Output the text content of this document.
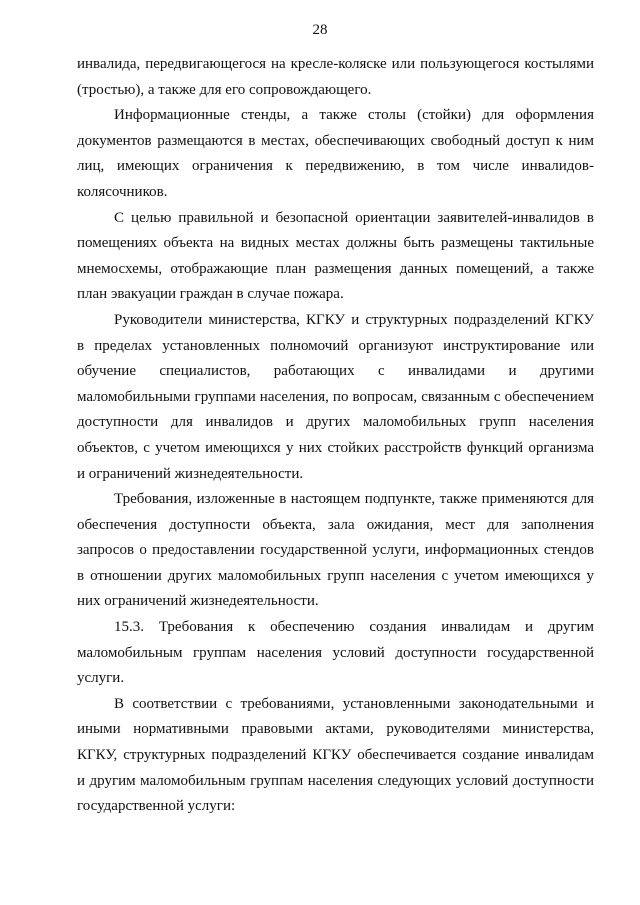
28

инвалида, передвигающегося на кресле-коляске или пользующегося костылями
(тростью), а также для его сопровождающего.

Информационные стенды, а также столы (стойки) для оформления
документов размещаются в местах, обеспечивающих свободный доступ к ним
лиц, имеющих ограничения к передвижению, в том числе инвалидов-
колясочников.

С целью правильной и безопасной ориентации заявителей-инвалидов в
помещениях объекта на видных местах должны быть размещены тактильные
мнемосхемы, отображающие план размещения данных помещений, а также
план эвакуации граждан в случае пожара.

Руководители министерства, КГКУ и структурных подразделений КГКУ
в пределах установленных полномочий организуют инструктирование или
обучение специалистов, работающих с инвалидами и другими
маломобильными группами населения, по вопросам, связанным с обеспечением
доступности для инвалидов и других маломобильных групп населения
объектов, с учетом имеющихся у них стойких расстройств функций организма
и ограничений жизнедеятельности.

Требования, изложенные в настоящем подпункте, также применяются для
обеспечения доступности объекта, зала ожидания, мест для заполнения
запросов о предоставлении государственной услуги, информационных стендов
в отношении других маломобильных групп населения с учетом имеющихся у
них ограничений жизнедеятельности.

15.3. Требования к обеспечению создания инвалидам и другим
маломобильным группам населения условий доступности государственной
услуги.

В соответствии с требованиями, установленными законодательными и
иными нормативными правовыми актами, руководителями министерства,
КГКУ, структурных подразделений КГКУ обеспечивается создание инвалидам
и другим маломобильным группам населения следующих условий доступности
государственной услуги:
